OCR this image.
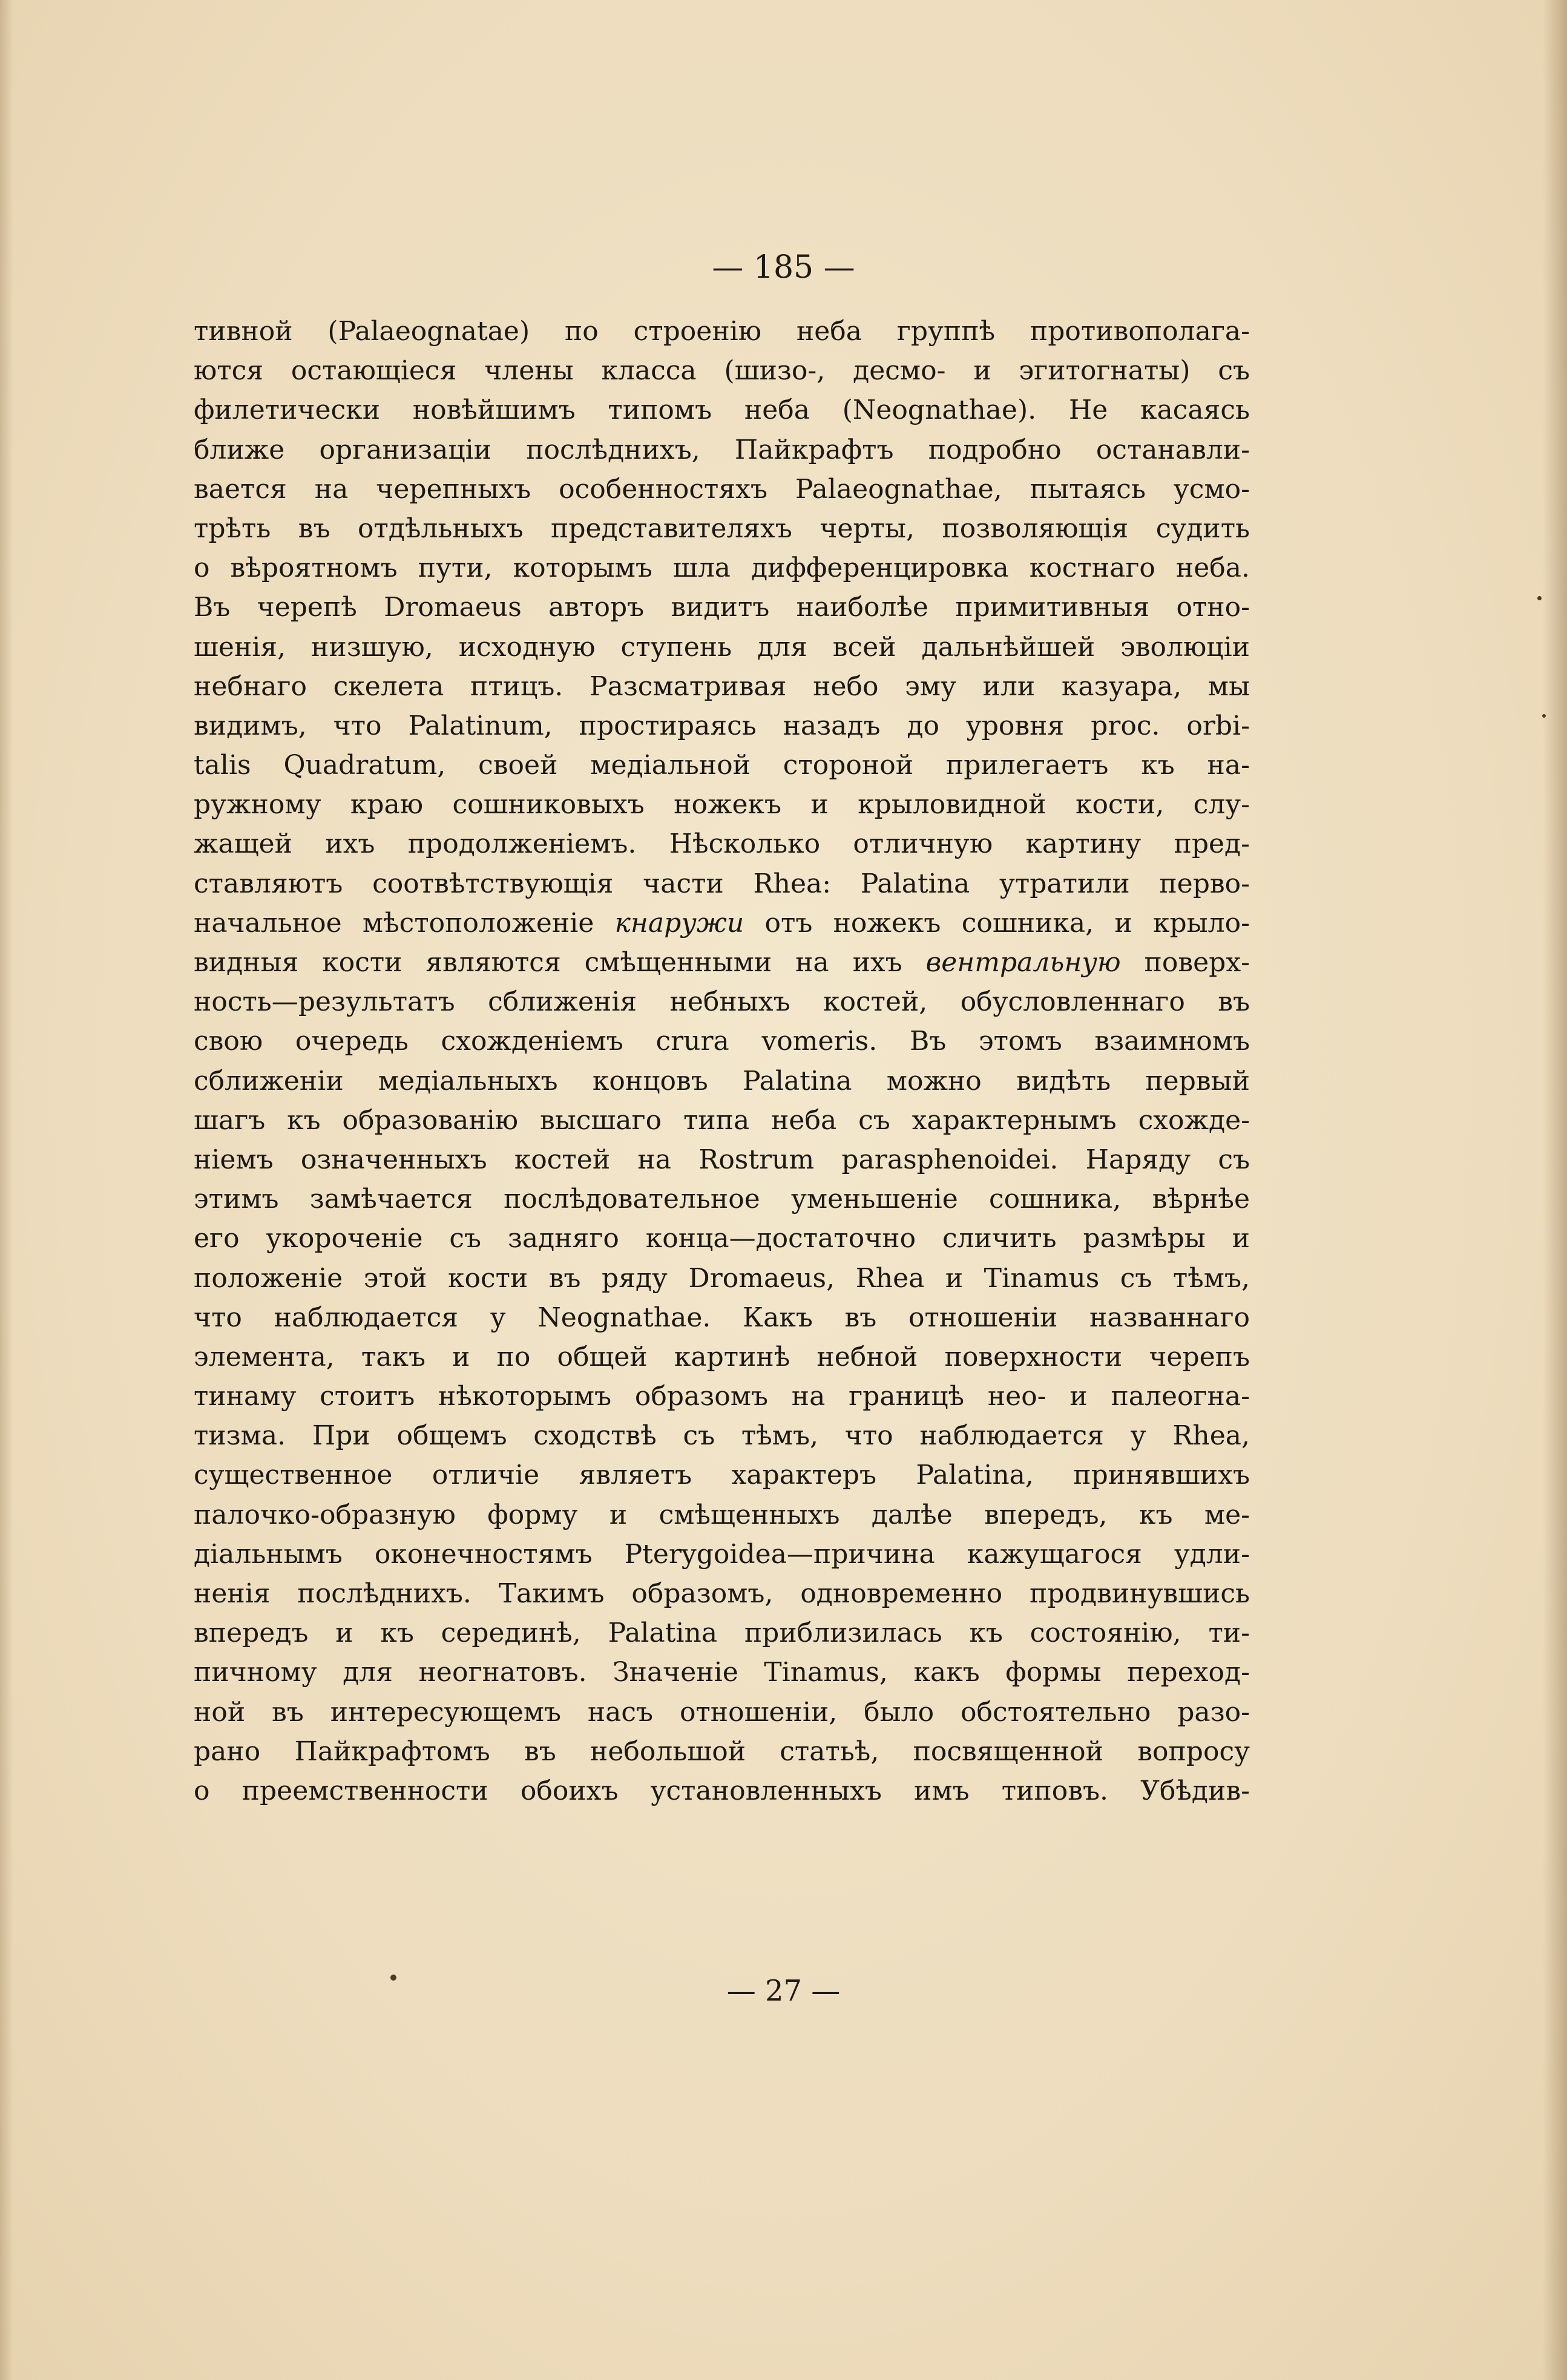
— 185 —
тивной (Palaeognatae) по строенію неба группѣ противополага-
ются остающіеся члены класса (шизо-, десмо- и эгитогнаты) съ
филетически новѣйшимъ типомъ неба (Neognathae). Не касаясь
ближе организаціи послѣднихъ, Пайкрафтъ подробно останавли-
вается на черепныхъ особенностяхъ Palaeognathae, пытаясь усмо-
трѣть въ отдѣльныхъ представителяхъ черты, позволяющія судить
о вѣроятномъ пути, которымъ шла дифференцировка костнаго неба.
Въ черепѣ Dromaeus авторъ видитъ наиболѣе примитивныя отно-
шенія, низшую, исходную ступень для всей дальнѣйшей эволюціи
небнаго скелета птицъ. Разсматривая небо эму или казуара, мы
видимъ, что Palatinum, простираясь назадъ до уровня proc. orbi-
talis Quadratum, своей медіальной стороной прилегаетъ къ на-
ружному краю сошниковыхъ ножекъ и крыловидной кости, слу-
жащей ихъ продолженіемъ. Нѣсколько отличную картину пред-
ставляютъ соотвѣтствующія части Rhea: Palatina утратили перво-
начальное мѣстоположеніе кнаружи отъ ножекъ сошника, и крыло-
видныя кости являются смѣщенными на ихъ вентральную поверх-
ность—результатъ сближенія небныхъ костей, обусловленнаго въ
свою очередь схожденіемъ crura vomeris. Въ этомъ взаимномъ
сближеніи медіальныхъ концовъ Palatina можно видѣть первый
шагъ къ образованію высшаго типа неба съ характернымъ схожде-
ніемъ означенныхъ костей на Rostrum parasphenoidei. Наряду съ
этимъ замѣчается послѣдовательное уменьшеніе сошника, вѣрнѣе
его укороченіе съ задняго конца—достаточно сличить размѣры и
положеніе этой кости въ ряду Dromaeus, Rhea и Tinamus съ тѣмъ,
что наблюдается у Neognathae. Какъ въ отношеніи названнаго
элемента, такъ и по общей картинѣ небной поверхности черепъ
тинаму стоитъ нѣкоторымъ образомъ на границѣ нео- и палеогна-
тизма. При общемъ сходствѣ съ тѣмъ, что наблюдается у Rhea,
существенное отличіе являетъ характеръ Palatina, принявшихъ
палочко-образную форму и смѣщенныхъ далѣе впередъ, къ ме-
діальнымъ оконечностямъ Pterygoidea—причина кажущагося удли-
ненія послѣднихъ. Такимъ образомъ, одновременно продвинувшись
впередъ и къ серединѣ, Palatina приблизилась къ состоянію, ти-
пичному для неогнатовъ. Значеніе Tinamus, какъ формы переход-
ной въ интересующемъ насъ отношеніи, было обстоятельно разо-
рано Пайкрафтомъ въ небольшой статьѣ, посвященной вопросу
о преемственности обоихъ установленныхъ имъ типовъ. Убѣдив-
— 27 —
